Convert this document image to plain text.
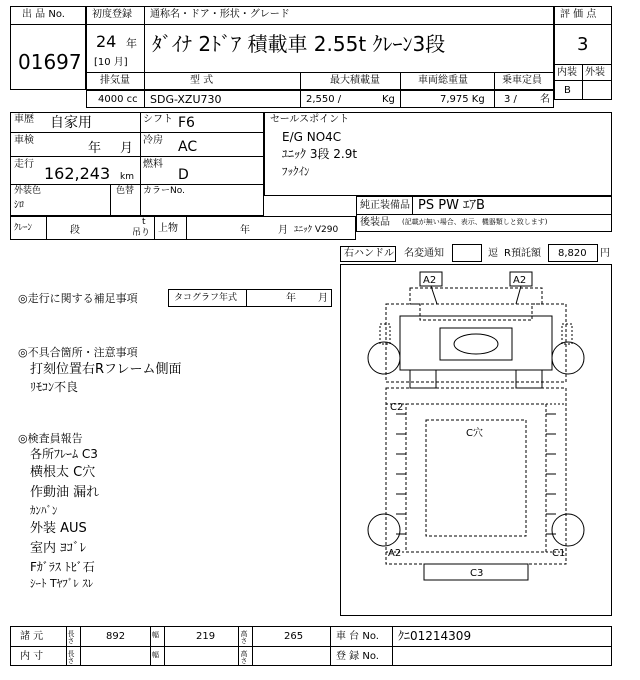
出 品 No.
01697
初度登録 通称名・ドア・形状・グレード
24 年
[10 月]
ﾀﾞｲﾅ 2ﾄﾞｱ 積載車 2.55t ｸﾚｰﾝ3段
排気量	型 式	最大積載量	車両総重量	乗車定員
4000 cc SDG-XZU730	2,550 /	Kg	7,975 Kg 3 / 名
評 価 点
3
内装 外装
B
車歴 自家用	シフト F6
車検
年 月
冷房 AC
走行 162,243 km
燃料
D
外装色
ｼﾛ
色替 カラーNo.
セールスポイント
E/G NO4C
ﾕﾆｯｸ 3段 2.9t
ﾌｯｸｲﾝ
純正装備品 PS PW ｴｱB
後装品 (記載が無い場合、表示、機器類しと致します)
ｸﾚｰﾝ	段
t
吊り 上物	年	月 ﾕﾆｯｸ V290
右ハンドル 名変通知	逗 R預託額 8,820 円
◎走行に関する補足事項	タコグラフ年式	年 月
◎不具合箇所・注意事項
打刻位置右Rフレーム側面
ﾘﾓｺﾝ不良
◎検査員報告
各所ﾌﾚｰﾑ C3
横根太 C穴
作動油 漏れ
ｶﾝﾊﾞﾝ
外装 AUS
室内 ﾖｺﾞﾚ
Fｶﾞﾗｽ ﾄﾋﾞ石
ｼｰﾄ Tﾔﾌﾞﾚ ｽﾚ
A2	A2
C2
C穴
A2	C1
C3
諸 元	長さ	892	幅	219	高さ	265	車 台 No. ｸﾆ01214309
内 寸	長さ	幅	高さ	登 録 No.
